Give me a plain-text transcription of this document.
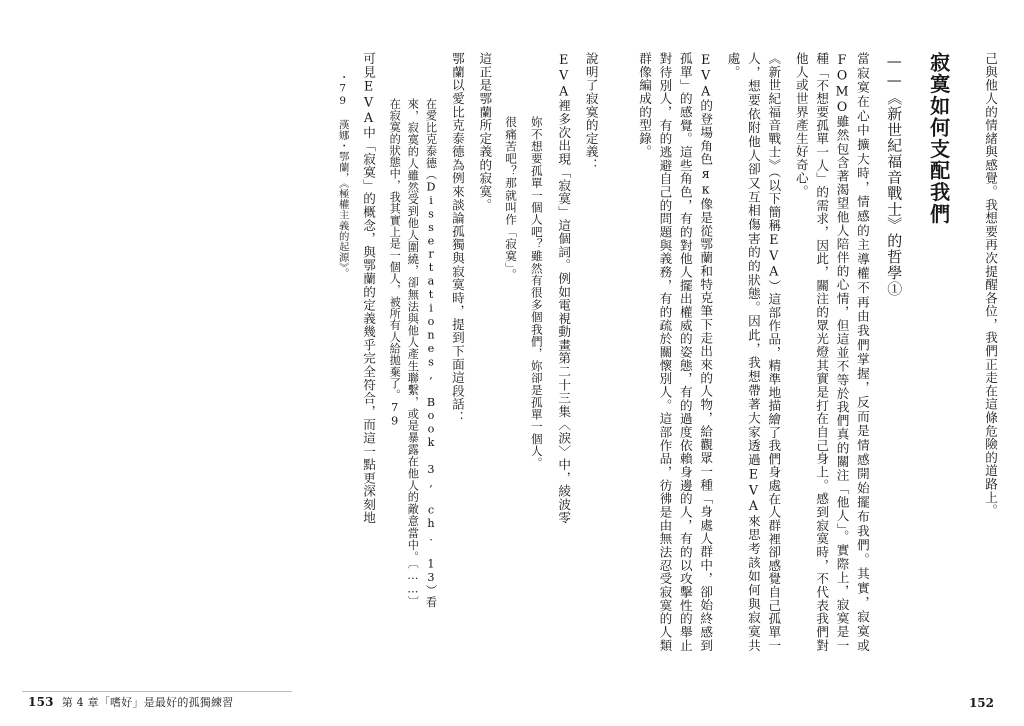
己與他人的情緒與感覺。我想要再次提醒各位，我們正走在這條危險的道路上。
寂寞如何支配我們
——《新世紀福音戰士》的哲學①
當寂寞在心中擴大時，情感的主導權不再由我們掌握，反而是情感開始擺布我們。其實，寂寞或FOMO雖然包含著渴望他人陪伴的心情，但這並不等於我們真的關注「他人」。實際上，寂寞是一種「不想要孤單一人」的需求，因此，關注的眾光燈其實是打在自己身上。感到寂寞時，不代表我們對他人或世界產生好奇心。
《新世紀福音戰士》（以下簡稱EVA）這部作品，精準地描繪了我們身處在人群裡卻感覺自己孤單一人，想要依附他人卻又互相傷害的的狀態。因此，我想帶著大家透過EVA來思考該如何與寂寞共處。
EVA的登場角色як像是從鄂蘭和特克筆下走出來的人物，給觀眾一種「身處人群中，卻始終感到孤單」的感覺。這些角色，有的對他人擺出權威的姿態，有的過度依賴身邊的人，有的以攻擊性的舉止對待別人，有的逃避自己的問題與義務，有的疏於關懷別人。這部作品，彷彿是由無法忍受寂寞的人類群像編成的型錄。
說明了寂寞的定義：
EVA裡多次出現「寂寞」這個詞。例如電視動畫第二十三集〈淚〉中，綾波零
妳不想要孤單一個人吧？雖然有很多個我們，妳卻是孤單一個人。
很痛苦吧？那就叫作「寂寞」。
這正是鄂蘭所定義的寂寞。
鄂蘭以愛比克泰德為例來談論孤獨與寂寞時，提到下面這段話：
在愛比克泰德（Dissertationes, Book 3, ch. 13）看來，寂寞的人雖然受到他人圍繞，卻無法與他人產生聯繫，或是暴露在他人的敵意當中。〔……〕在寂寞的狀態中，我其實上是一個人，被所有人給拋棄了。79
可見EVA中「寂寞」的概念，與鄂蘭的定義幾乎完全符合，而這一點更深刻地
・79 漢娜・鄂蘭，《極權主義的起源》。
153 第 4 章「嗜好」是最好的孤獨練習	152
